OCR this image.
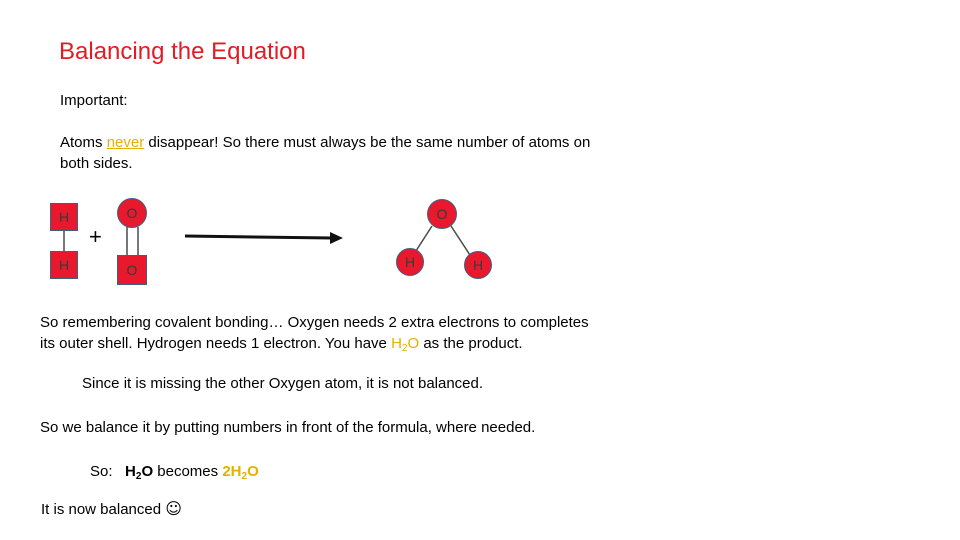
Balancing the Equation
Important:
Atoms never disappear! So there must always be the same number of atoms on
both sides.
H
H
+
O
O
O
H	H
So remembering covalent bonding… Oxygen needs 2 extra electrons to completes
its outer shell. Hydrogen needs 1 electron. You have $H_2O$ as the product.
Since it is missing the other Oxygen atom, it is not balanced.
So we balance it by putting numbers in front of the formula, where needed.
So:   $H_2O$ becomes $2H_2O$
It is now balanced ☺
